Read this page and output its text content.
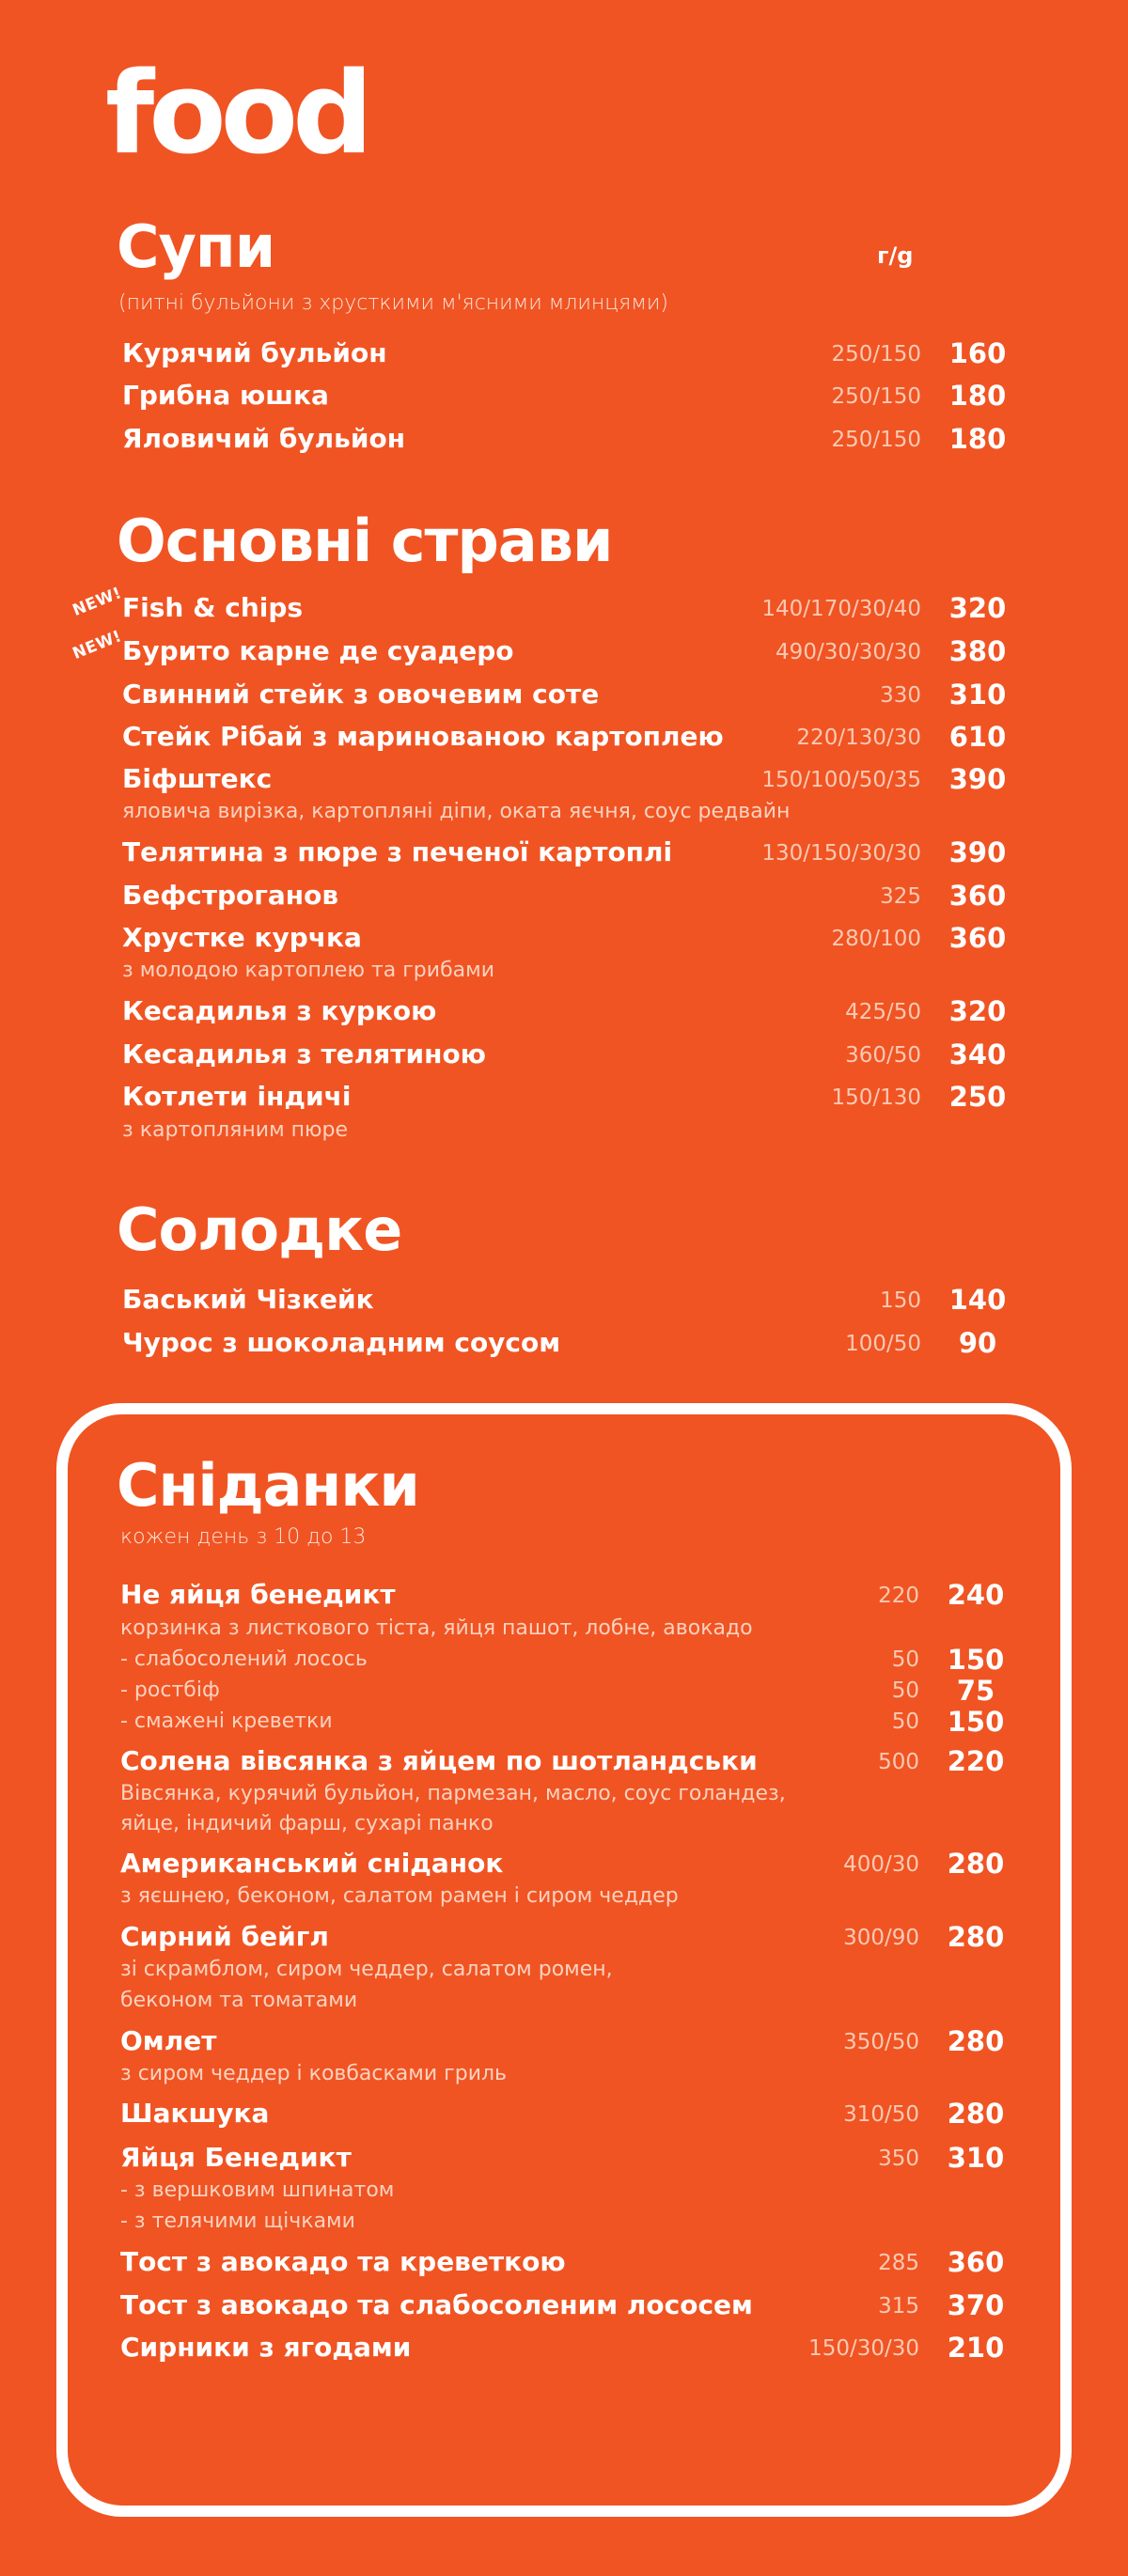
food
Супи	г/g
(питні бульйони з хрусткими м'ясними млинцями)
Курячий бульйон	250/150	160
Грибна юшка	250/150	180
Яловичий бульйон	250/150	180
Основні страви
NEW!
NEW!
Fish & chips	140/170/30/40	320
Бурито карне де суадеро	490/30/30/30	380
Свинний стейк з овочевим соте	330	310
Стейк Рібай з маринованою картоплею	220/130/30	610
Біфштекс	150/100/50/35	390
яловича вирізка, картопляні діпи, оката яєчня, соус редвайн
Телятина з пюре з печеної картоплі	130/150/30/30	390
Бефстроганов	325	360
Хрустке курчка	280/100	360
з молодою картоплею та грибами
Кесадилья з куркою	425/50	320
Кесадилья з телятиною	360/50	340
Котлети індичі	150/130	250
з картопляним пюре
Солодке
Баський Чізкейк	150	140
Чурос з шоколадним соусом	100/50	90
Сніданки
кожен день з 10 до 13
Не яйця бенедикт	220	240
корзинка з листкового тіста, яйця пашот, лобне, авокадо
- слабосолений лосось	50	150
- ростбіф	50	75
- смажені креветки	50	150
Солена вівсянка з яйцем по шотландськи	500	220
Вівсянка, курячий бульйон, пармезан, масло, соус голандез,
яйце, індичий фарш, сухарі панко
Американський сніданок	400/30	280
з яєшнею, беконом, салатом рамен і сиром чеддер
Сирний бейгл	300/90	280
зі скрамблом, сиром чеддер, салатом ромен,
беконом та томатами
Омлет	350/50	280
з сиром чеддер і ковбасками гриль
Шакшука	310/50	280
Яйця Бенедикт	350	310
- з вершковим шпинатом
- з телячими щічками
Тост з авокадо та креветкою	285	360
Тост з авокадо та слабосоленим лососем	315	370
Сирники з ягодами	150/30/30	210
